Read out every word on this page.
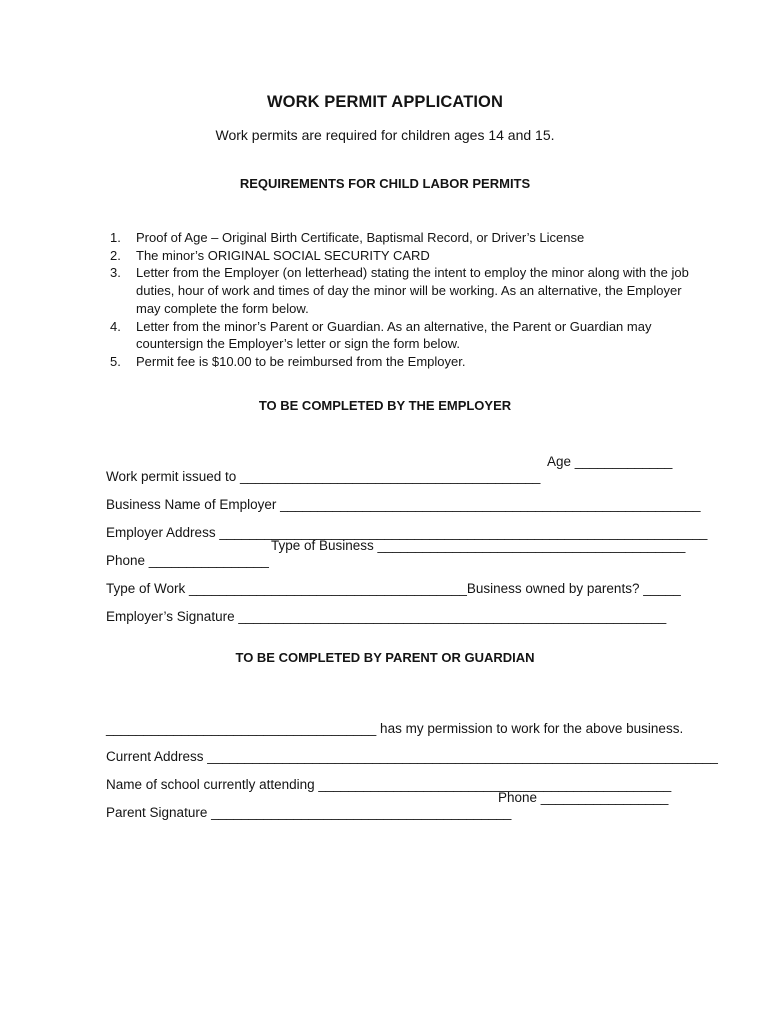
WORK PERMIT APPLICATION
Work permits are required for children ages 14 and 15.
REQUIREMENTS FOR CHILD LABOR PERMITS
1. Proof of Age – Original Birth Certificate, Baptismal Record, or Driver’s License
2. The minor’s ORIGINAL SOCIAL SECURITY CARD
3. Letter from the Employer (on letterhead) stating the intent to employ the minor along with the job duties, hour of work and times of day the minor will be working. As an alternative, the Employer may complete the form below.
4. Letter from the minor’s Parent or Guardian. As an alternative, the Parent or Guardian may countersign the Employer’s letter or sign the form below.
5. Permit fee is $10.00 to be reimbursed from the Employer.
TO BE COMPLETED BY THE EMPLOYER

Work permit issued to ________________________________________

Age _____________

Business Name of Employer ________________________________________________________

Employer Address _________________________________________________________________

Phone ________________

Type of Business _________________________________________

Type of Work _____________________________________Business owned by parents? _____

Employer’s Signature _________________________________________________________

TO BE COMPLETED BY PARENT OR GUARDIAN

____________________________________ has my permission to work for the above business.

Current Address ____________________________________________________________________

Name of school currently attending _______________________________________________

Parent Signature ________________________________________

Phone _________________
